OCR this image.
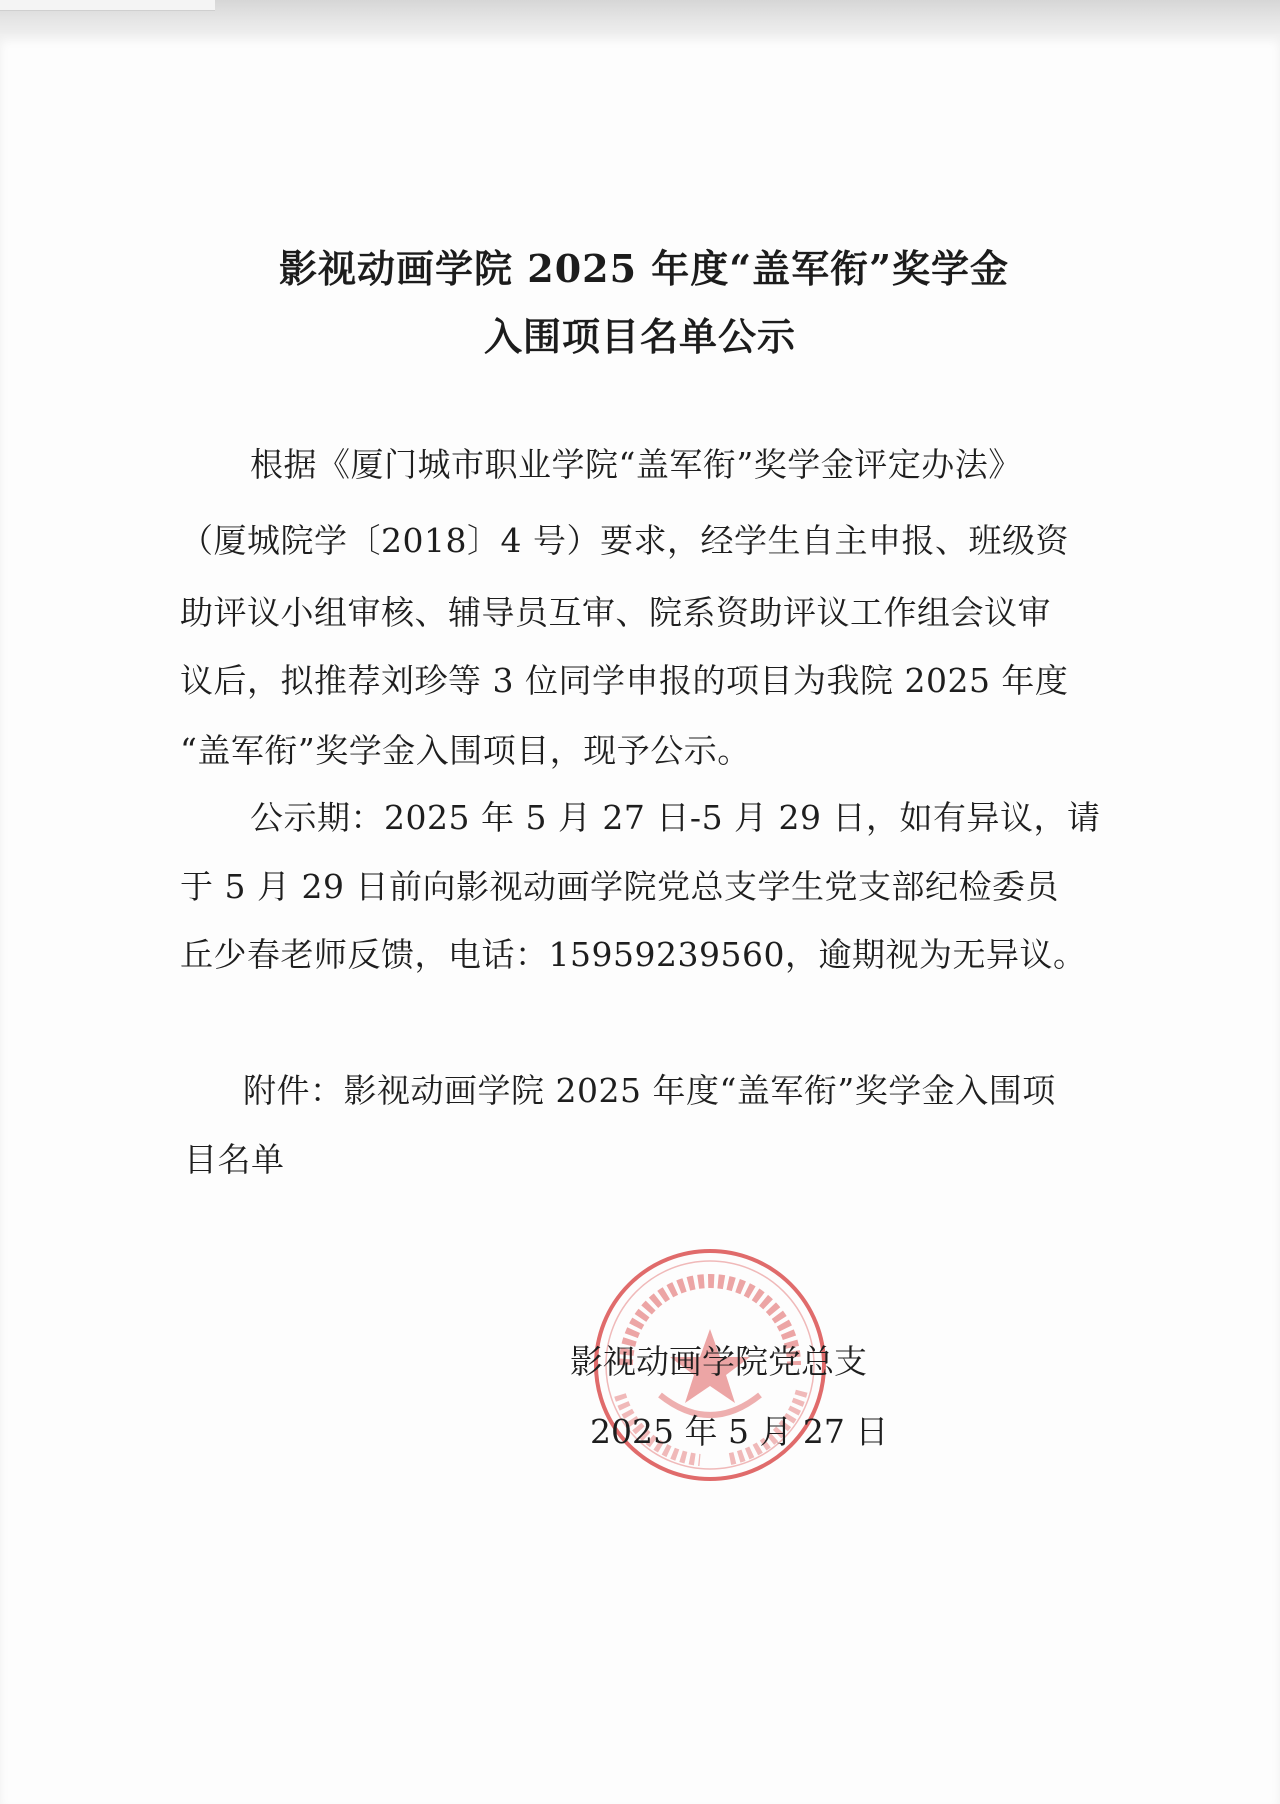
影视动画学院 2025 年度“盖军衔”奖学金
入围项目名单公示

根据《厦门城市职业学院“盖军衔”奖学金评定办法》

（厦城院学〔2018〕4 号）要求，经学生自主申报、班级资

助评议小组审核、辅导员互审、院系资助评议工作组会议审

议后，拟推荐刘珍等 3 位同学申报的项目为我院 2025 年度

“盖军衔”奖学金入围项目，现予公示。

公示期：2025 年 5 月 27 日-5 月 29 日，如有异议，请

于 5 月 29 日前向影视动画学院党总支学生党支部纪检委员

丘少春老师反馈，电话：15959239560，逾期视为无异议。

附件：影视动画学院 2025 年度“盖军衔”奖学金入围项

目名单

影视动画学院党总支

2025 年 5 月 27 日
